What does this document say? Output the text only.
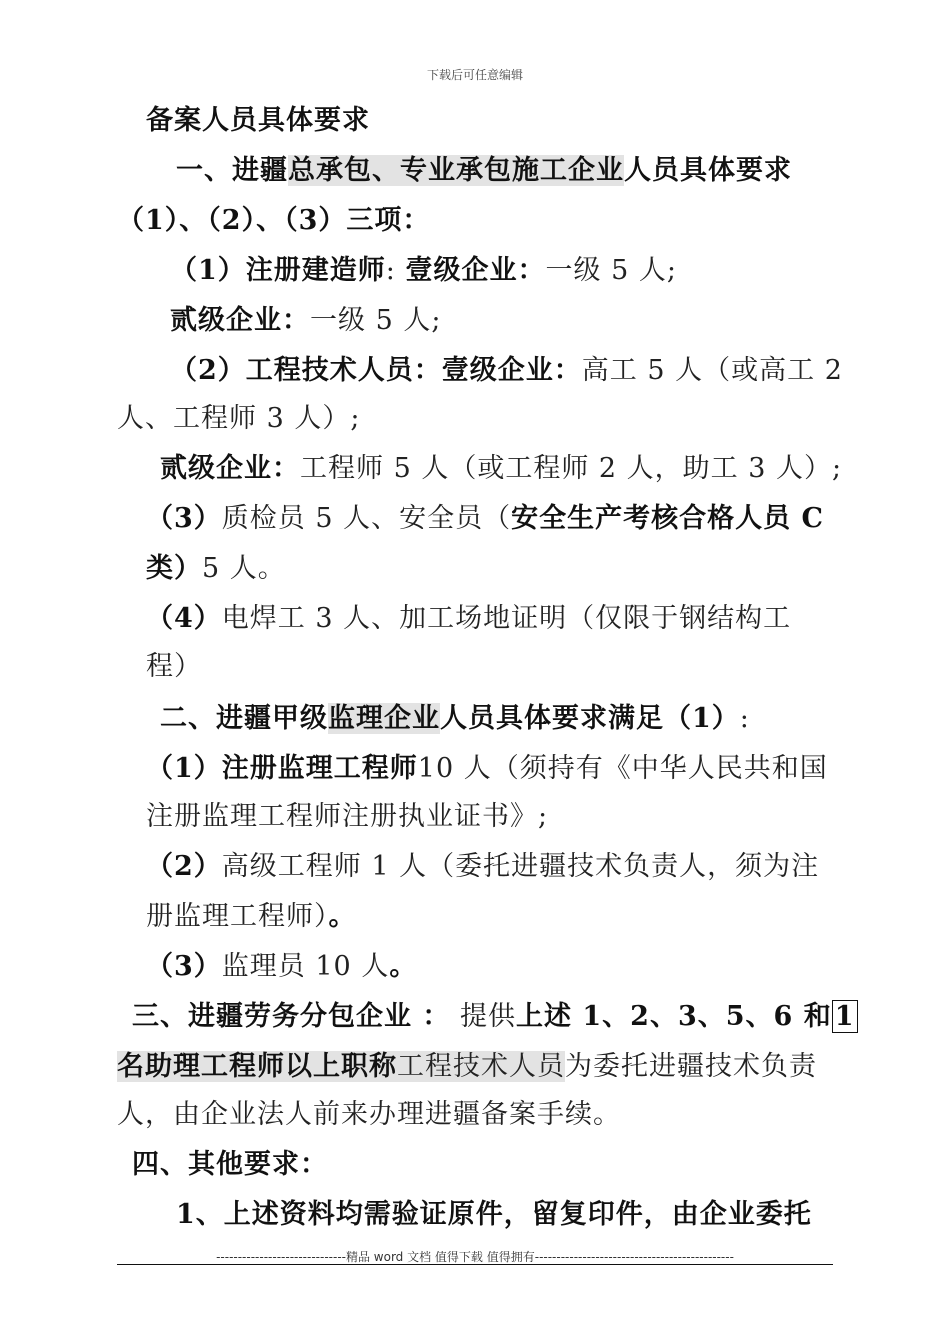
下载后可任意编辑
备案人员具体要求
一、进疆总承包、专业承包施工企业人员具体要求
（1）、（2）、（3）三项：
（1）注册建造师: 壹级企业：一级 5 人;
贰级企业：一级 5 人;
（2）工程技术人员：壹级企业：高工 5 人（或高工 2
人、工程师 3 人）;
贰级企业：工程师 5 人（或工程师 2 人，助工 3 人）;
（3）质检员 5 人、安全员（安全生产考核合格人员 C
类）5 人。
（4）电焊工 3 人、加工场地证明（仅限于钢结构工
程）
二、进疆甲级监理企业人员具体要求满足（1）:
（1）注册监理工程师10 人（须持有《中华人民共和国
注册监理工程师注册执业证书》;
（2）高级工程师 1 人（委托进疆技术负责人，须为注
册监理工程师）。
（3）监理员 10 人。
三、进疆劳务分包企业 ： 提供上述 1、2、3、5、6 和 1
名助理工程师以上职称工程技术人员为委托进疆技术负责
人，由企业法人前来办理进疆备案手续。
四、其他要求：
1、上述资料均需验证原件，留复印件，由企业委托
------------------------------精品 word 文档 值得下载 值得拥有----------------------------------------------
